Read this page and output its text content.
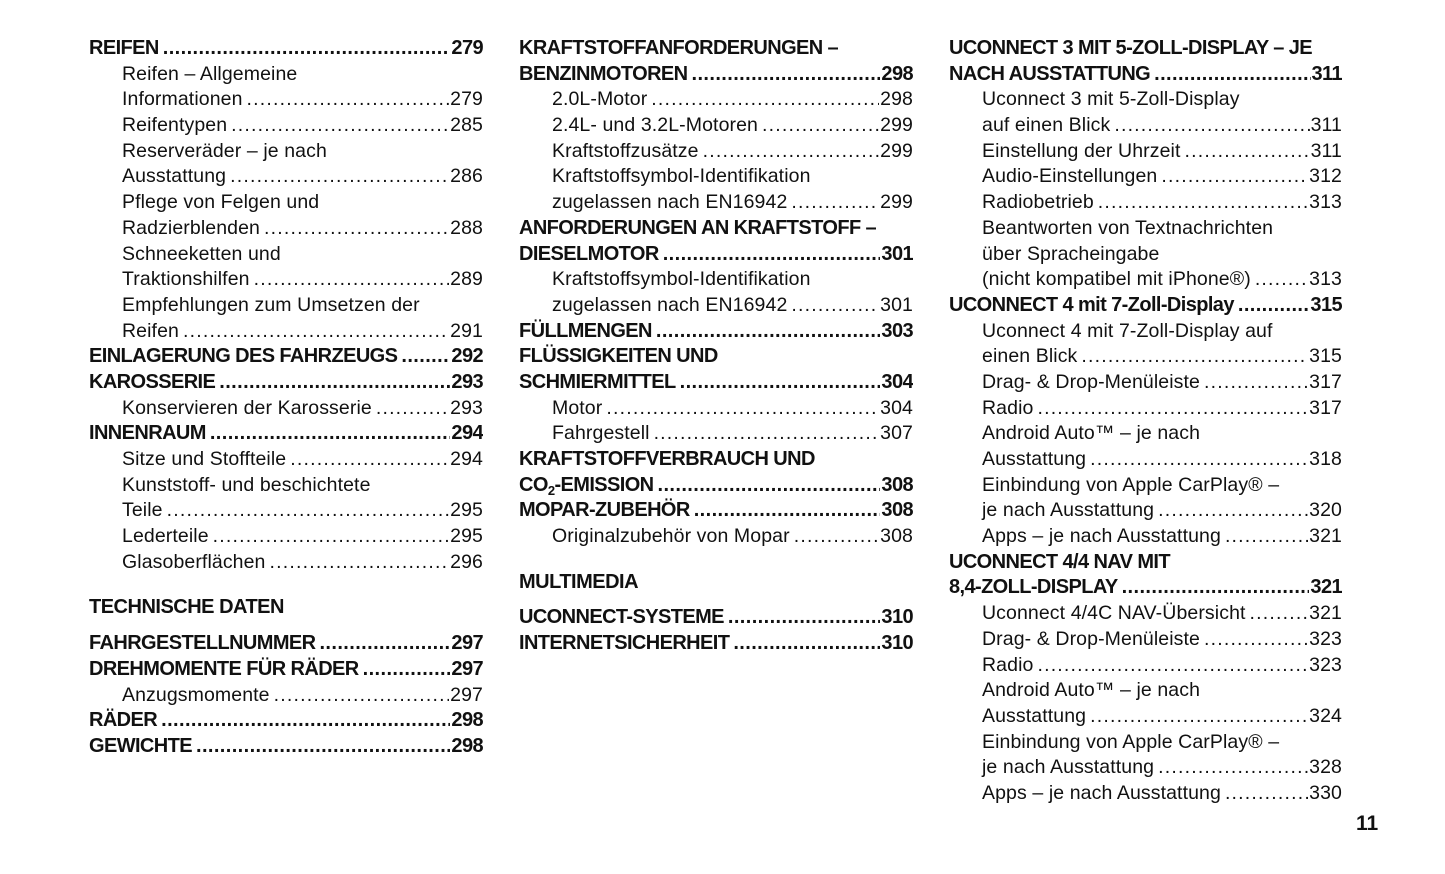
REIFEN .....	279
Reifen – Allgemeine
Informationen .....	279
Reifentypen .....	285
Reserveräder – je nach
Ausstattung .....	286
Pflege von Felgen und
Radzierblenden .....	288
Schneeketten und
Traktionshilfen .....	289
Empfehlungen zum Umsetzen der
Reifen .....	291
EINLAGERUNG DES FAHRZEUGS .....	292
KAROSSERIE .....	293
Konservieren der Karosserie .....	293
INNENRAUM .....	294
Sitze und Stoffteile .....	294
Kunststoff- und beschichtete
Teile .....	295
Lederteile .....	295
Glasoberflächen .....	296
TECHNISCHE DATEN
FAHRGESTELLNUMMER .....	297
DREHMOMENTE FÜR RÄDER .....	297
Anzugsmomente .....	297
RÄDER .....	298
GEWICHTE .....	298
KRAFTSTOFFANFORDERUNGEN –
BENZINMOTOREN .....	298
2.0L-Motor .....	298
2.4L- und 3.2L-Motoren .....	299
Kraftstoffzusätze .....	299
Kraftstoffsymbol-Identifikation
zugelassen nach EN16942 .....	299
ANFORDERUNGEN AN KRAFTSTOFF –
DIESELMOTOR .....	301
Kraftstoffsymbol-Identifikation
zugelassen nach EN16942 .....	301
FÜLLMENGEN .....	303
FLÜSSIGKEITEN UND
SCHMIERMITTEL .....	304
Motor .....	304
Fahrgestell .....	307
KRAFTSTOFFVERBRAUCH UND
$CO_2$-EMISSION .....	308
MOPAR-ZUBEHÖR .....	308
Originalzubehör von Mopar .....	308
MULTIMEDIA
UCONNECT-SYSTEME .....	310
INTERNETSICHERHEIT .....	310
UCONNECT 3 MIT 5-ZOLL-DISPLAY – JE
NACH AUSSTATTUNG .....	311
Uconnect 3 mit 5-Zoll-Display
auf einen Blick .....	311
Einstellung der Uhrzeit .....	311
Audio-Einstellungen .....	312
Radiobetrieb .....	313
Beantworten von Textnachrichten
über Spracheingabe
(nicht kompatibel mit iPhone®) .....	313
UCONNECT 4 mit 7-Zoll-Display .....	315
Uconnect 4 mit 7-Zoll-Display auf
einen Blick .....	315
Drag- & Drop-Menüleiste .....	317
Radio .....	317
Android Auto™ – je nach
Ausstattung .....	318
Einbindung von Apple CarPlay® –
je nach Ausstattung .....	320
Apps – je nach Ausstattung .....	321
UCONNECT 4/4 NAV MIT
8,4-ZOLL-DISPLAY .....	321
Uconnect 4/4C NAV-Übersicht .....	321
Drag- & Drop-Menüleiste .....	323
Radio .....	323
Android Auto™ – je nach
Ausstattung .....	324
Einbindung von Apple CarPlay® –
je nach Ausstattung .....	328
Apps – je nach Ausstattung .....	330
11
